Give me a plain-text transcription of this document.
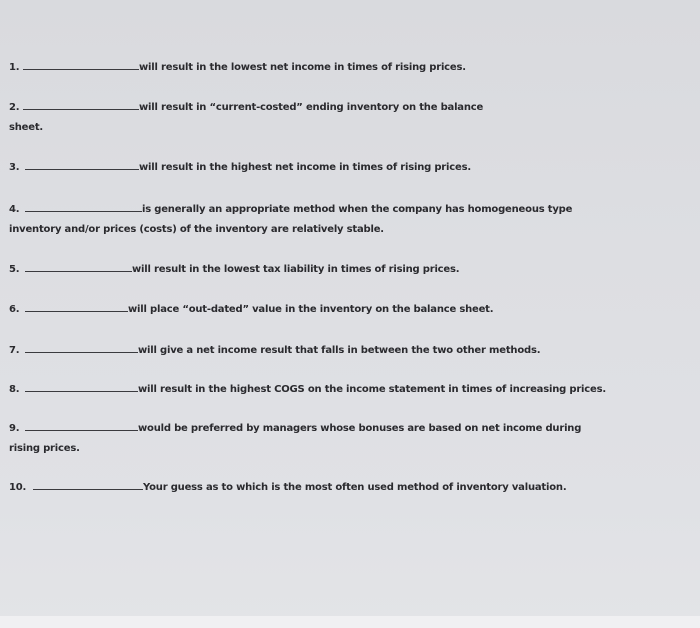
1.	will result in the lowest net income in times of rising prices.
2.	will result in “current-costed” ending inventory on the balance
sheet.
3.	will result in the highest net income in times of rising prices.
4.	is generally an appropriate method when the company has homogeneous type
inventory and/or prices (costs) of the inventory are relatively stable.
5.	will result in the lowest tax liability in times of rising prices.
6.	will place “out-dated” value in the inventory on the balance sheet.
7.	will give a net income result that falls in between the two other methods.
8.	will result in the highest COGS on the income statement in times of increasing prices.
9.	would be preferred by managers whose bonuses are based on net income during
rising prices.
10.	Your guess as to which is the most often used method of inventory valuation.
